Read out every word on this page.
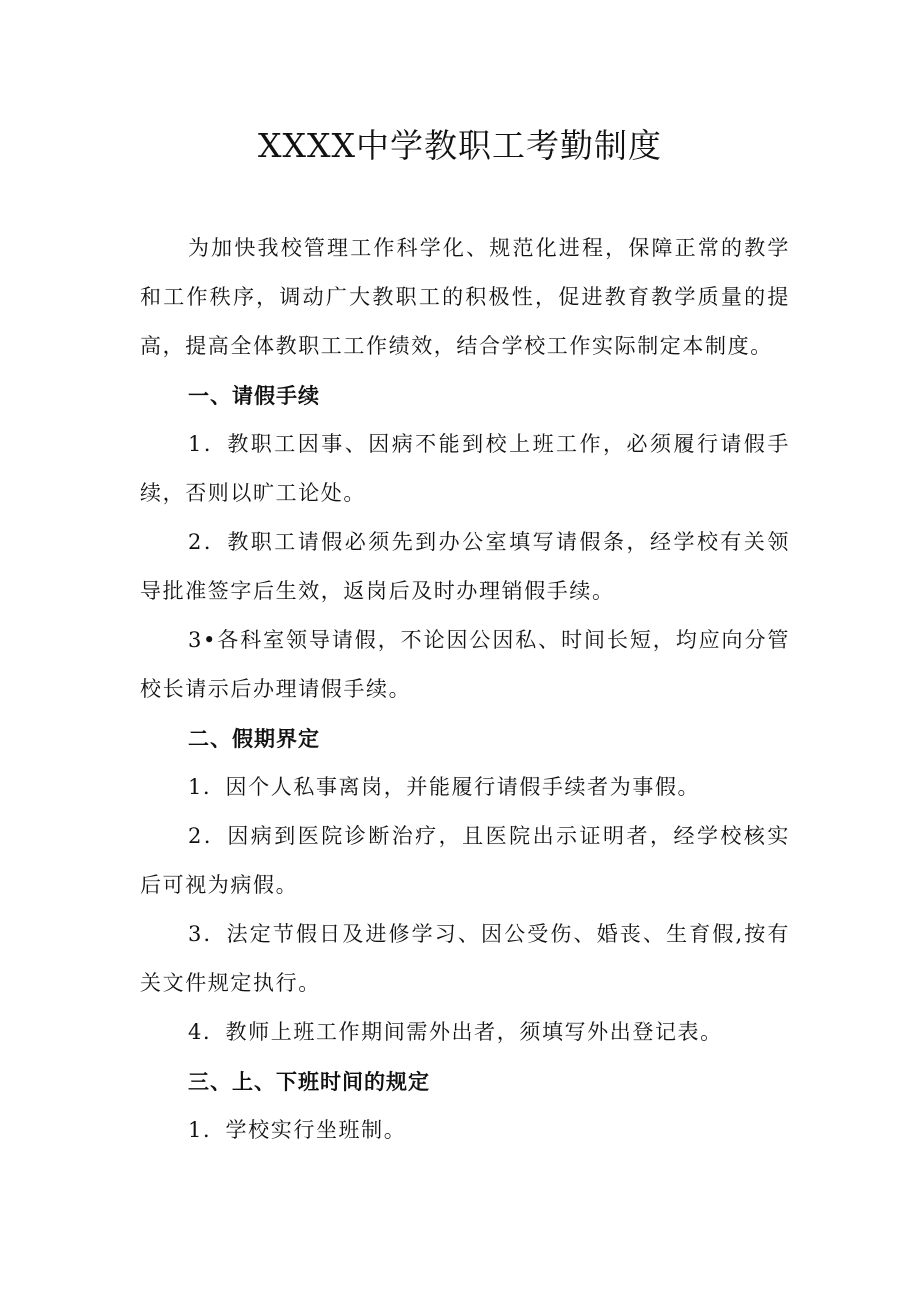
XXXX中学教职工考勤制度

为加快我校管理工作科学化、规范化进程，保障正常的教学和工作秩序，调动广大教职工的积极性，促进教育教学质量的提高，提高全体教职工工作绩效，结合学校工作实际制定本制度。

一、请假手续

1．教职工因事、因病不能到校上班工作，必须履行请假手续，否则以旷工论处。

2．教职工请假必须先到办公室填写请假条，经学校有关领导批准签字后生效，返岗后及时办理销假手续。

3•各科室领导请假，不论因公因私、时间长短，均应向分管校长请示后办理请假手续。

二、假期界定

1．因个人私事离岗，并能履行请假手续者为事假。

2．因病到医院诊断治疗，且医院出示证明者，经学校核实后可视为病假。

3．法定节假日及进修学习、因公受伤、婚丧、生育假,按有关文件规定执行。

4．教师上班工作期间需外出者，须填写外出登记表。

三、上、下班时间的规定

1．学校实行坐班制。
